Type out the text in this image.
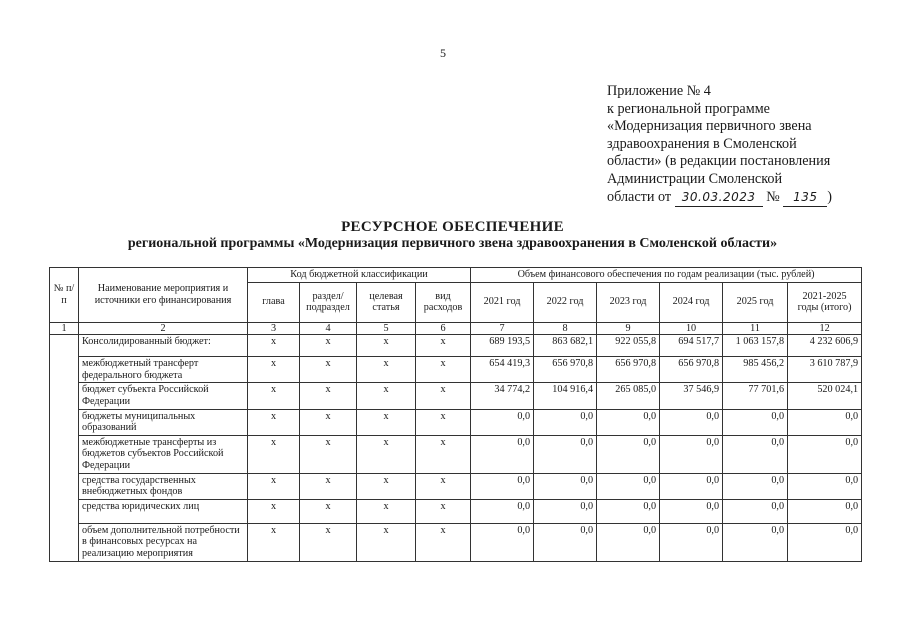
5
Приложение № 4
к региональной программе
«Модернизация первичного звена
здравоохранения в Смоленской
области» (в редакции постановления
Администрации Смоленской
области от 30.03.2023 № 135 )
РЕСУРСНОЕ ОБЕСПЕЧЕНИЕ
региональной программы «Модернизация первичного звена здравоохранения в Смоленской области»
№ п/п	Наименование мероприятия и источники его финансирования	Код бюджетной классификации				Объем финансового обеспечения по годам реализации (тыс. рублей)					
		глава	раздел/ подраздел	целевая статья	вид расходов	2021 год	2022 год	2023 год	2024 год	2025 год	2021-2025 годы (итого)
1	2	3	4	5	6	7	8	9	10	11	12
	Консолидированный бюджет:	х	х	х	х	689 193,5	863 682,1	922 055,8	694 517,7	1 063 157,8	4 232 606,9
	межбюджетный трансферт федерального бюджета	х	х	х	х	654 419,3	656 970,8	656 970,8	656 970,8	985 456,2	3 610 787,9
	бюджет субъекта Российской Федерации	х	х	х	х	34 774,2	104 916,4	265 085,0	37 546,9	77 701,6	520 024,1
	бюджеты муниципальных образований	х	х	х	х	0,0	0,0	0,0	0,0	0,0	0,0
	межбюджетные трансферты из бюджетов субъектов Российской Федерации	х	х	х	х	0,0	0,0	0,0	0,0	0,0	0,0
	средства государственных внебюджетных фондов	х	х	х	х	0,0	0,0	0,0	0,0	0,0	0,0
	средства юридических лиц	х	х	х	х	0,0	0,0	0,0	0,0	0,0	0,0
	объем дополнительной потребности в финансовых ресурсах на реализацию мероприятия	х	х	х	х	0,0	0,0	0,0	0,0	0,0	0,0
